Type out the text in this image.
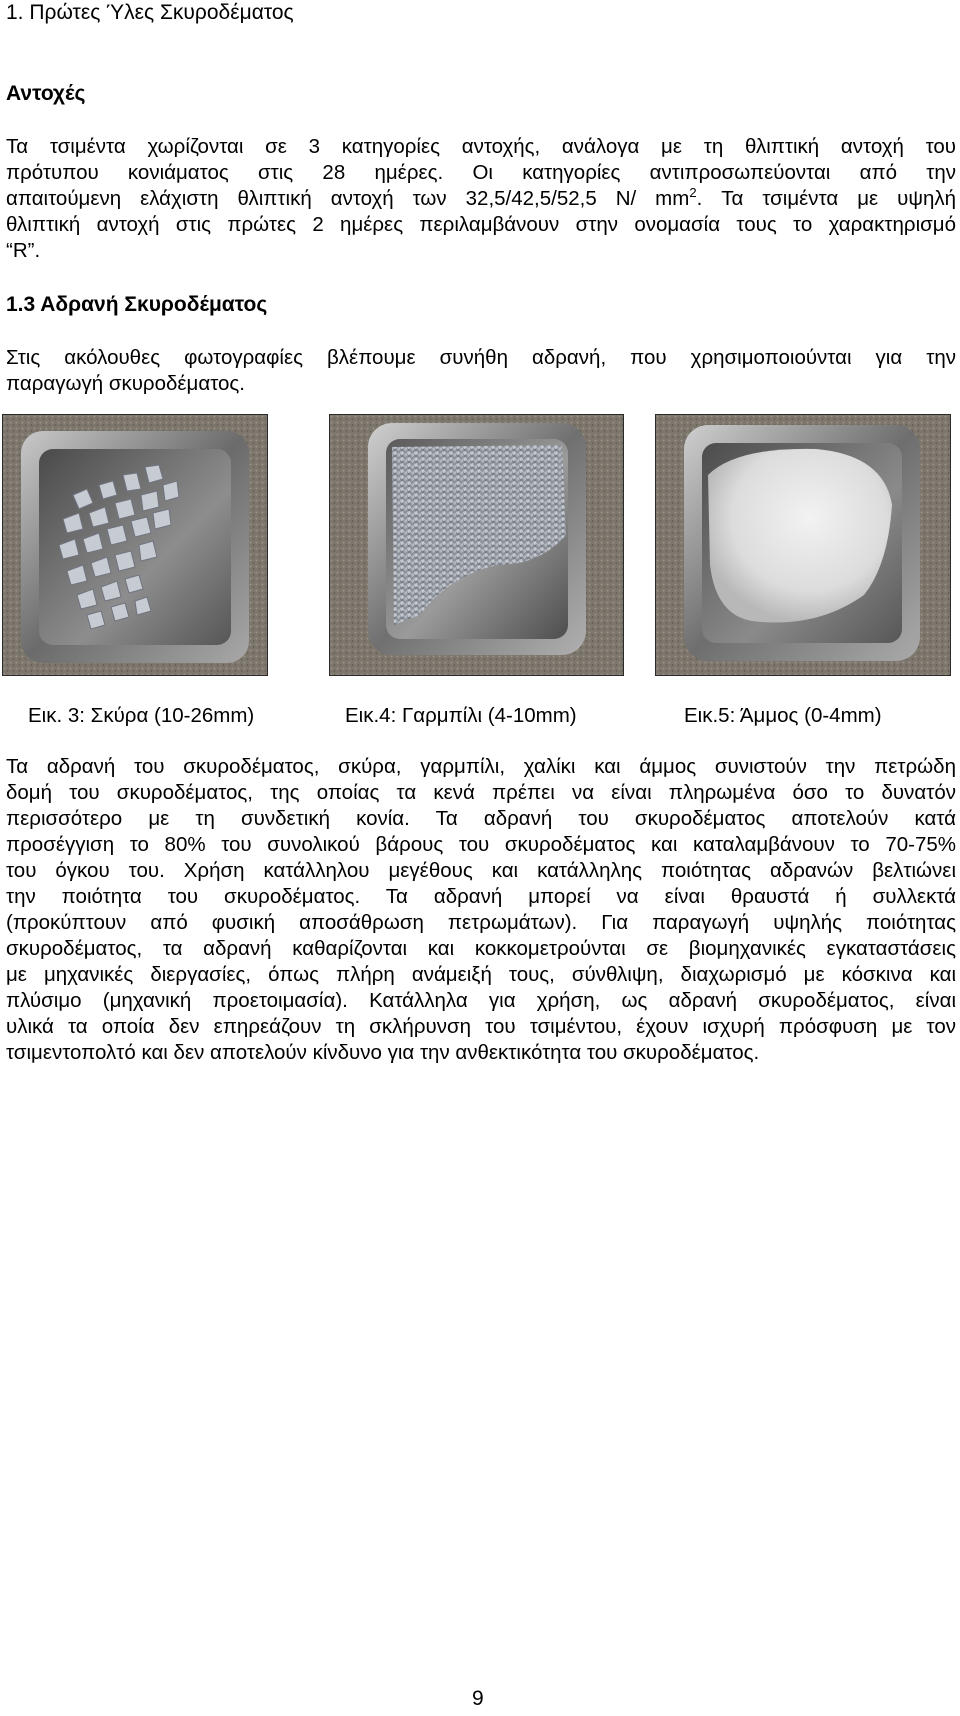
1. Πρώτες Ύλες Σκυροδέματος
Αντοχές
Τα τσιμέντα χωρίζονται σε 3 κατηγορίες αντοχής, ανάλογα με τη θλιπτική αντοχή του
πρότυπου κονιάματος στις 28 ημέρες. Οι κατηγορίες αντιπροσωπεύονται από την
απαιτούμενη ελάχιστη θλιπτική αντοχή των 32,5/42,5/52,5 N/ $mm^2$. Τα τσιμέντα με υψηλή
θλιπτική αντοχή στις πρώτες 2 ημέρες περιλαμβάνουν στην ονομασία τους το χαρακτηρισμό
“R”.
1.3 Αδρανή Σκυροδέματος
Στις ακόλουθες φωτογραφίες βλέπουμε συνήθη αδρανή, που χρησιμοποιούνται για την
παραγωγή σκυροδέματος.
Εικ. 3: Σκύρα (10-26mm)	Εικ.4: Γαρμπίλι (4-10mm)	Εικ.5: Άμμος (0-4mm)
Τα αδρανή του σκυροδέματος, σκύρα, γαρμπίλι, χαλίκι και άμμος συνιστούν την πετρώδη
δομή του σκυροδέματος, της οποίας τα κενά πρέπει να είναι πληρωμένα όσο το δυνατόν
περισσότερο με τη συνδετική κονία. Τα αδρανή του σκυροδέματος αποτελούν κατά
προσέγγιση το 80% του συνολικού βάρους του σκυροδέματος και καταλαμβάνουν το 70-75%
του όγκου του. Χρήση κατάλληλου μεγέθους και κατάλληλης ποιότητας αδρανών βελτιώνει
την ποιότητα του σκυροδέματος. Τα αδρανή μπορεί να είναι θραυστά ή συλλεκτά
(προκύπτουν από φυσική αποσάθρωση πετρωμάτων). Για παραγωγή υψηλής ποιότητας
σκυροδέματος, τα αδρανή καθαρίζονται και κοκκομετρούνται σε βιομηχανικές εγκαταστάσεις
με μηχανικές διεργασίες, όπως πλήρη ανάμειξή τους, σύνθλιψη, διαχωρισμό με κόσκινα και
πλύσιμο (μηχανική προετοιμασία). Κατάλληλα για χρήση, ως αδρανή σκυροδέματος, είναι
υλικά τα οποία δεν επηρεάζουν τη σκλήρυνση του τσιμέντου, έχουν ισχυρή πρόσφυση με τον
τσιμεντοπολτό και δεν αποτελούν κίνδυνο για την ανθεκτικότητα του σκυροδέματος.
9
